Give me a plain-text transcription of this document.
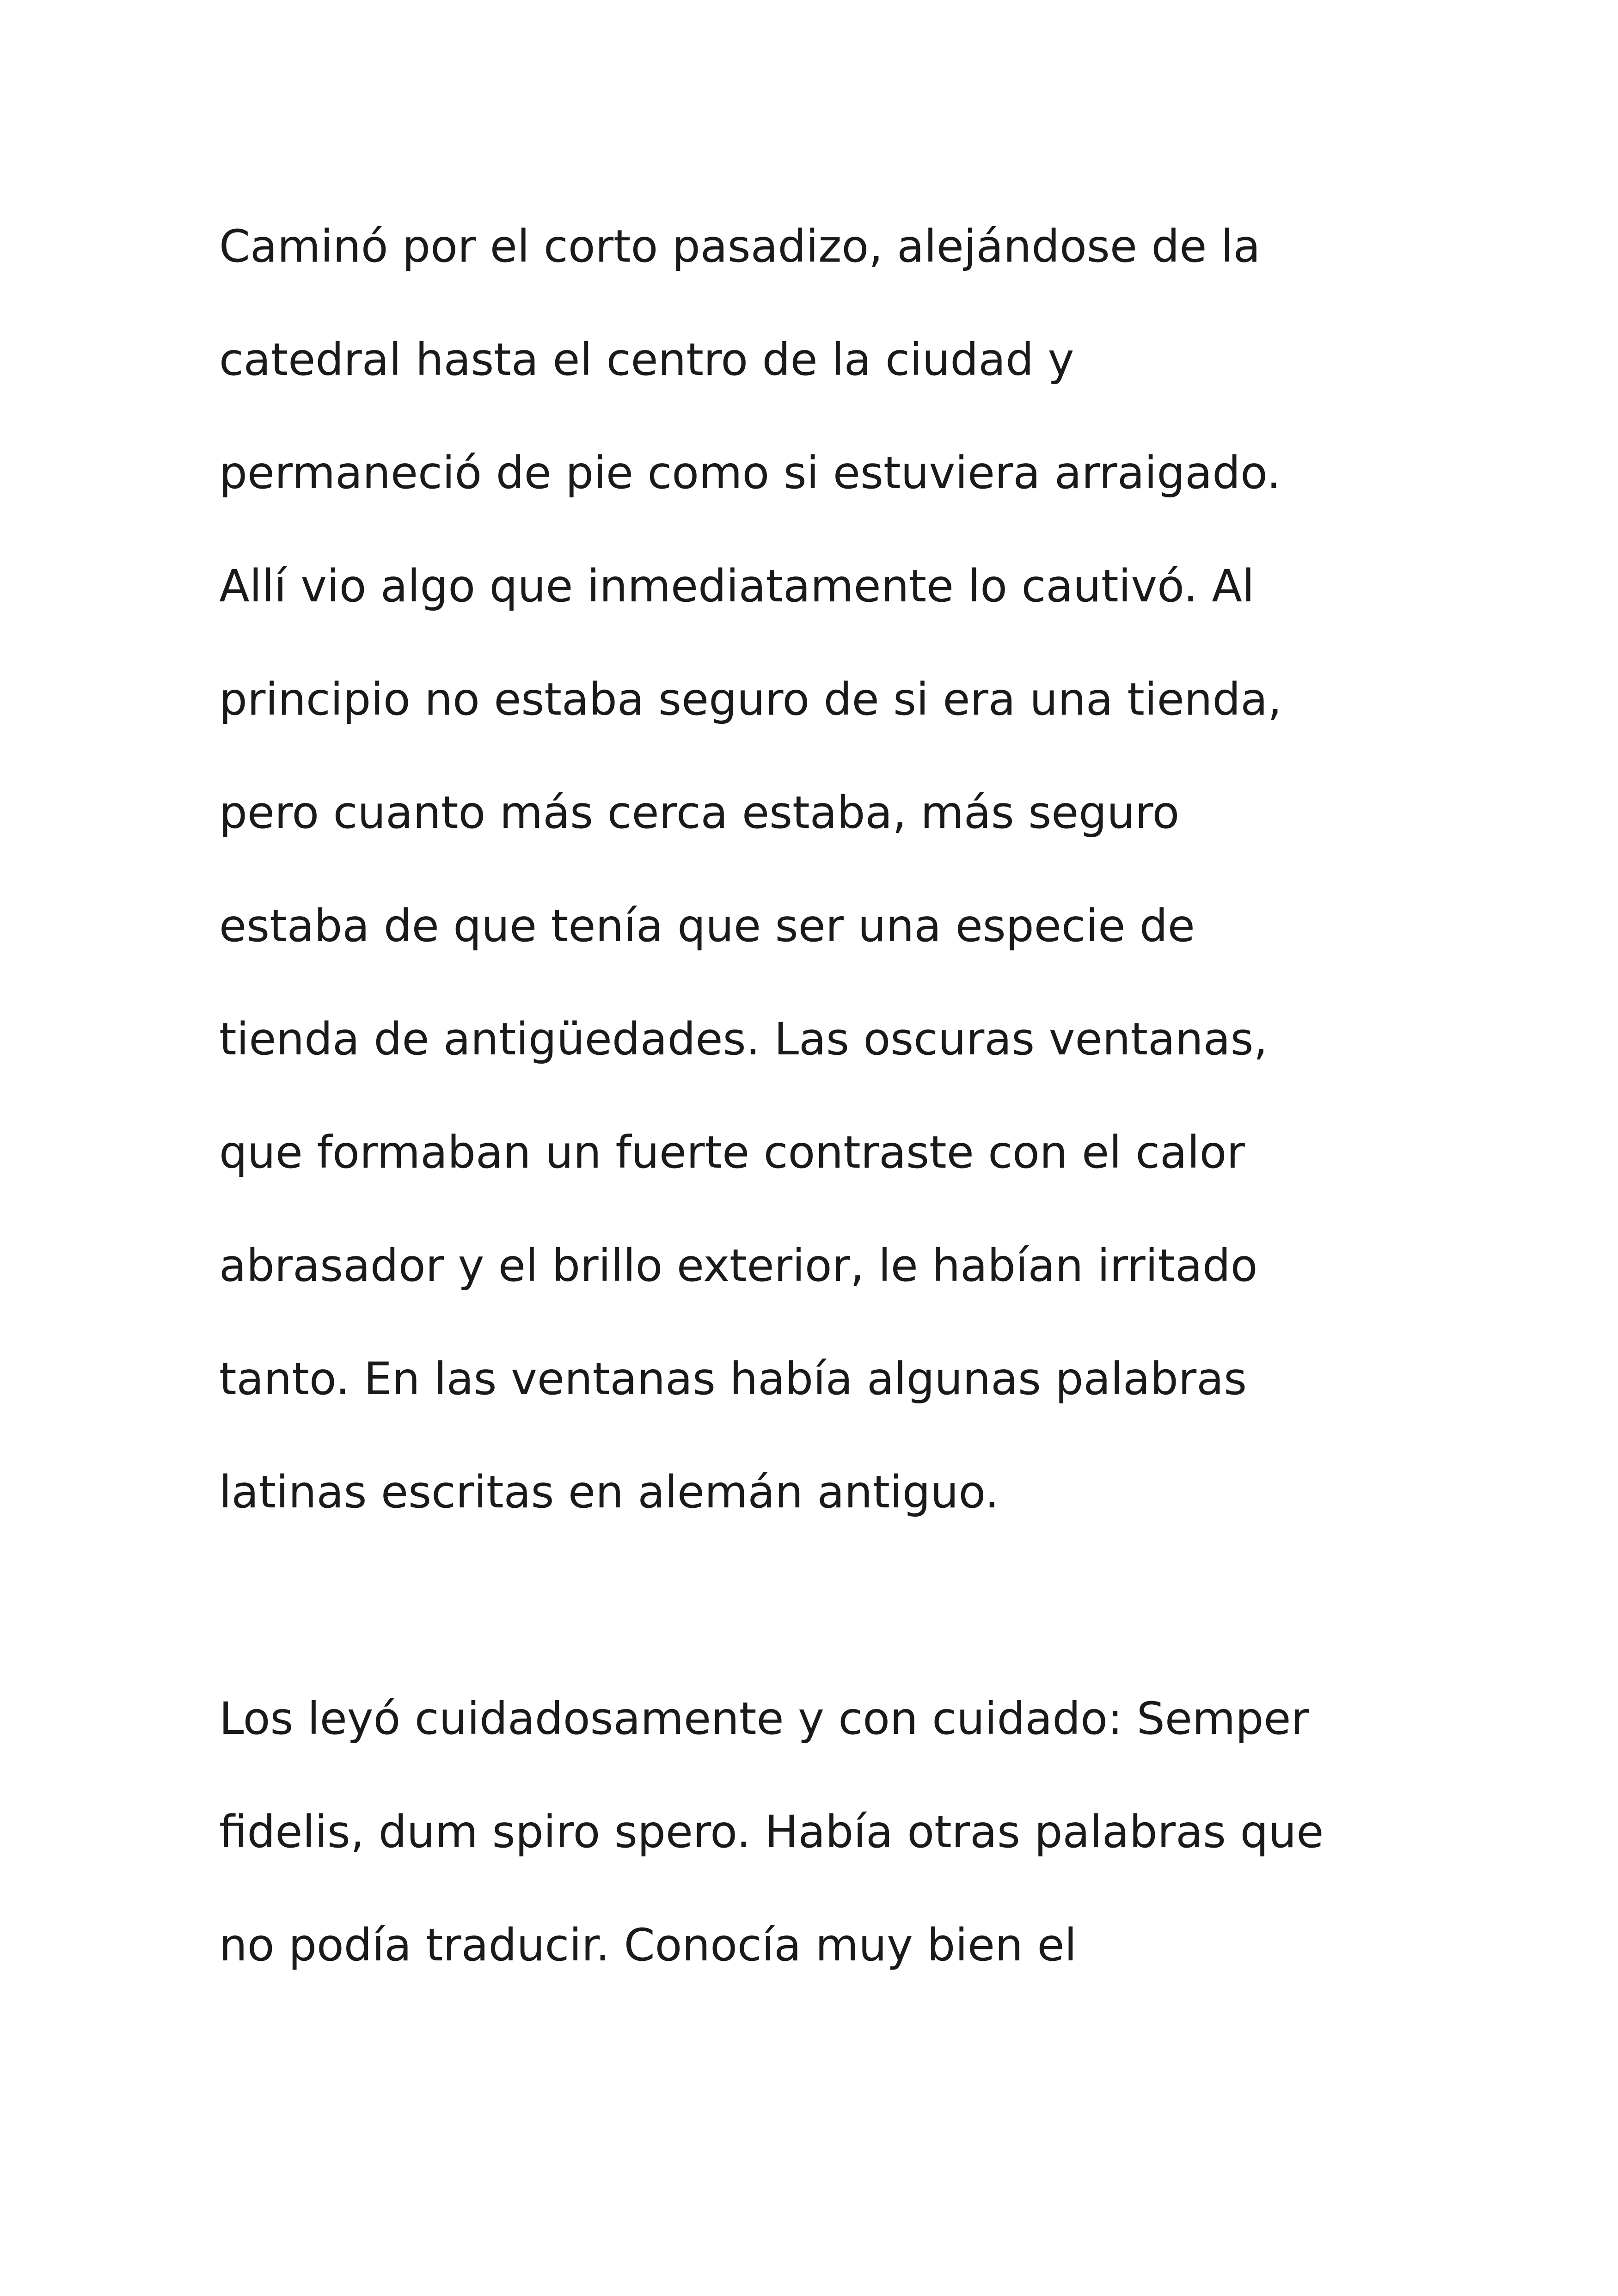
Caminó por el corto pasadizo, alejándose de la

catedral hasta el centro de la ciudad y

permaneció de pie como si estuviera arraigado.

Allí vio algo que inmediatamente lo cautivó. Al

principio no estaba seguro de si era una tienda,

pero cuanto más cerca estaba, más seguro

estaba de que tenía que ser una especie de

tienda de antigüedades. Las oscuras ventanas,

que formaban un fuerte contraste con el calor

abrasador y el brillo exterior, le habían irritado

tanto. En las ventanas había algunas palabras

latinas escritas en alemán antiguo.

Los leyó cuidadosamente y con cuidado: Semper

fidelis, dum spiro spero. Había otras palabras que

no podía traducir. Conocía muy bien el
